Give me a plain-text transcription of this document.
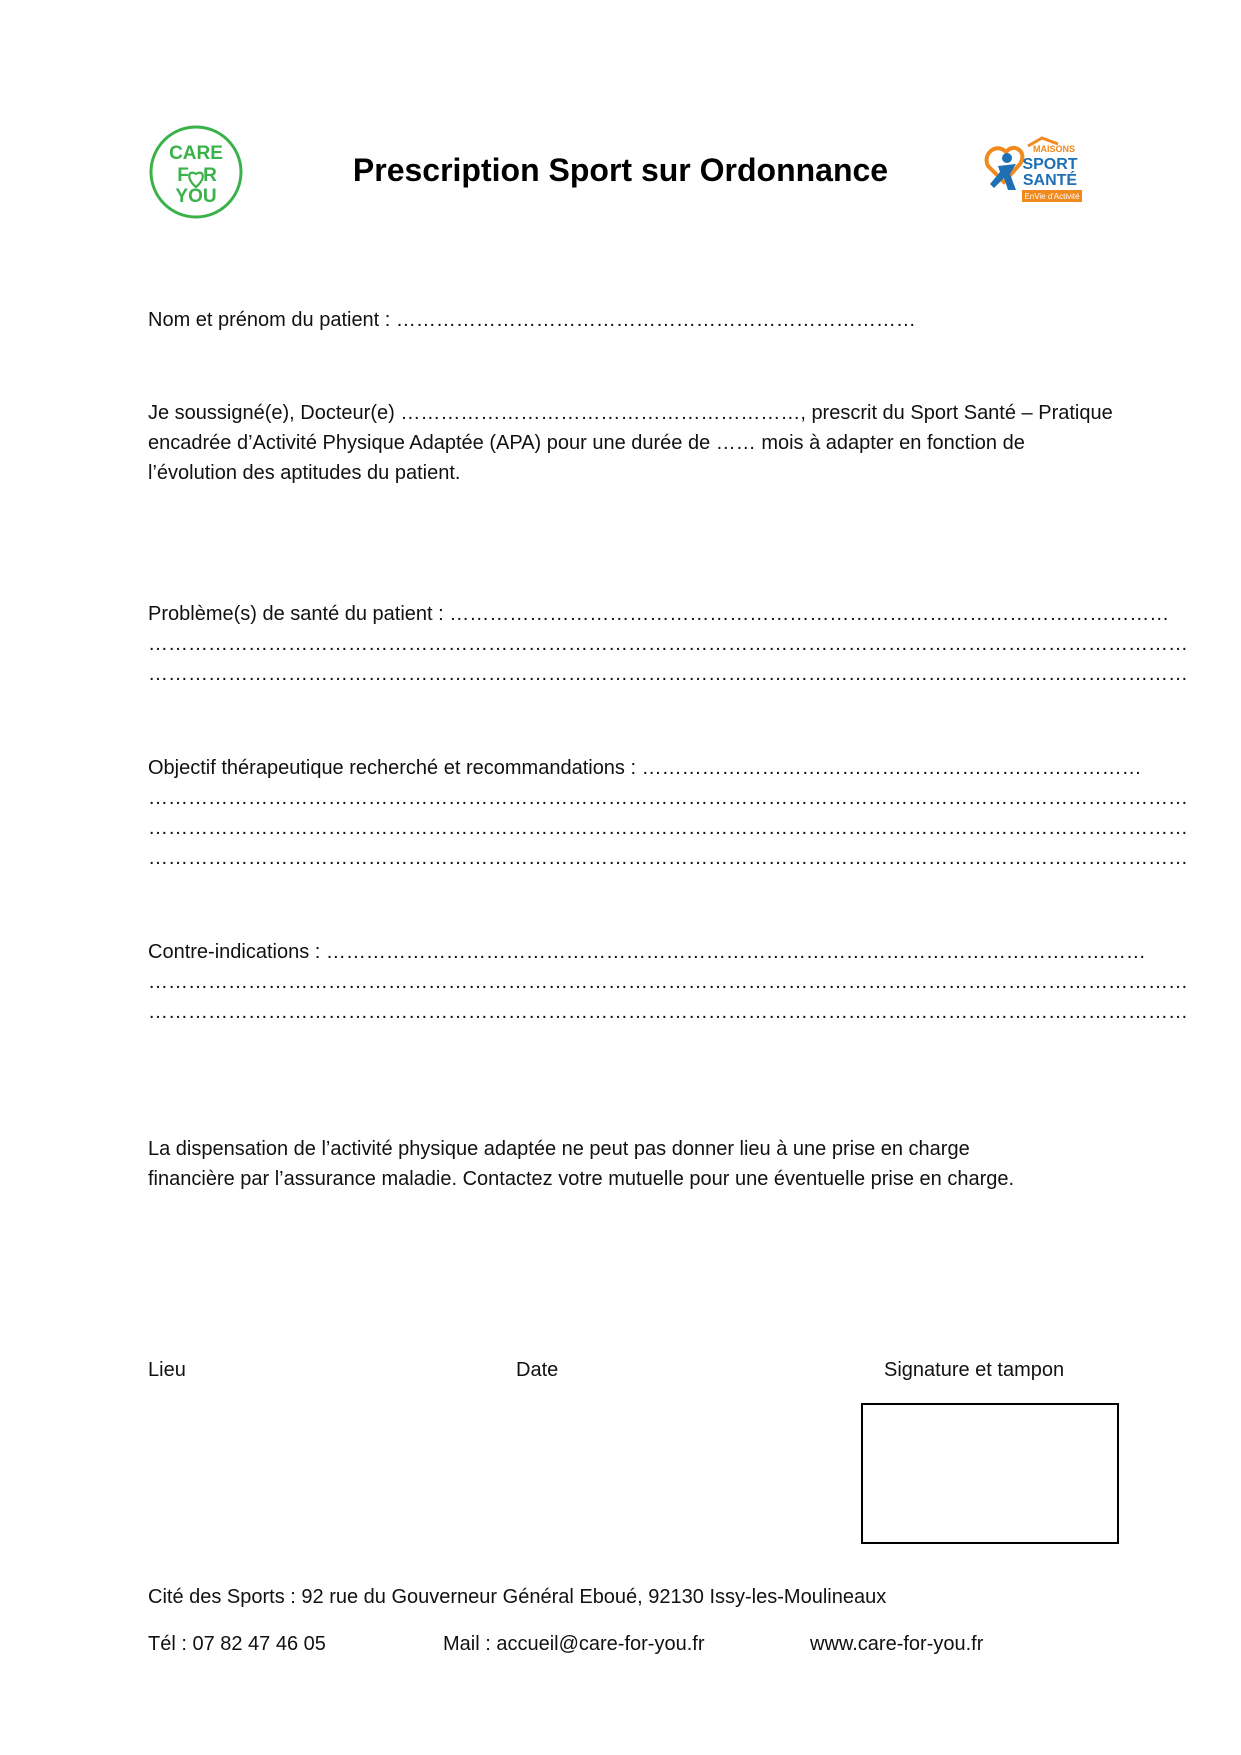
CARE
F R
YOU
Prescription Sport sur Ordonnance
MAISONS
SPORT
SANTÉ
EnVie d'Activité
Nom et prénom du patient : ……………………………………………………………………
Je soussigné(e), Docteur(e) ……………………………………………………, prescrit du Sport Santé – Pratique
encadrée d’Activité Physique Adaptée (APA) pour une durée de …… mois à adapter en fonction de
l’évolution des aptitudes du patient.
Problème(s) de santé du patient : ………………………………………………………………………………………………
…………………………………………………………………………………………………………………………………………
…………………………………………………………………………………………………………………………………………
Objectif thérapeutique recherché et recommandations : …………………………………………………………………
…………………………………………………………………………………………………………………………………………
…………………………………………………………………………………………………………………………………………
…………………………………………………………………………………………………………………………………………
Contre-indications : ……………………………………………………………………………………………………………
…………………………………………………………………………………………………………………………………………
…………………………………………………………………………………………………………………………………………
La dispensation de l’activité physique adaptée ne peut pas donner lieu à une prise en charge
financière par l’assurance maladie. Contactez votre mutuelle pour une éventuelle prise en charge.
Lieu	Date	Signature et tampon
Cité des Sports : 92 rue du Gouverneur Général Eboué, 92130 Issy-les-Moulineaux
Tél : 07 82 47 46 05	Mail : accueil@care-for-you.fr	www.care-for-you.fr
